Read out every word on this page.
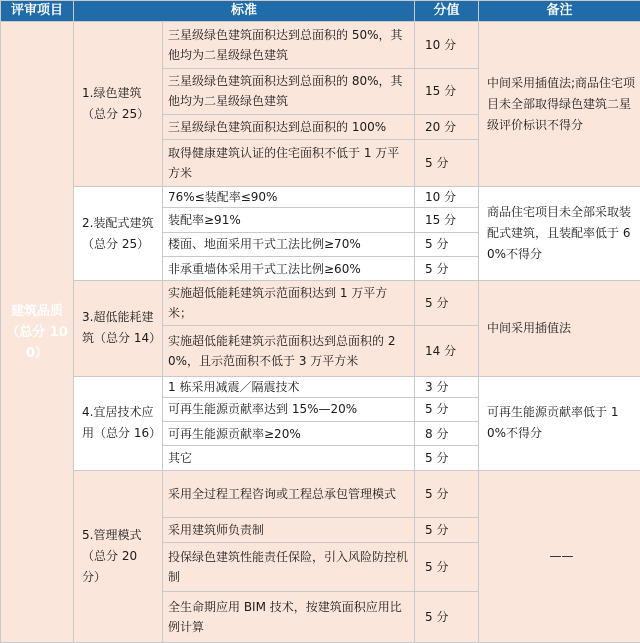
评审项目	标准		分值	备注
建筑品质（总分 100）	1.绿色建筑（总分 25）	三星级绿色建筑面积达到总面积的 50%，其他均为二星级绿色建筑	10 分	中间采用插值法;商品住宅项目未全部取得绿色建筑二星级评价标识不得分
		三星级绿色建筑面积达到总面积的 80%，其他均为二星级绿色建筑	15 分	
		三星级绿色建筑面积达到总面积的 100%	20 分	
		取得健康建筑认证的住宅面积不低于 1 万平方米	5 分	
	2.装配式建筑（总分 25）	76%≤装配率≤90%	10 分	商品住宅项目未全部采取装配式建筑，且装配率低于 60%不得分
		装配率≥91%	15 分	
		楼面、地面采用干式工法比例≥70%	5 分	
		非承重墙体采用干式工法比例≥60%	5 分	
	3.超低能耗建筑（总分 14）	实施超低能耗建筑示范面积达到 1 万平方米；	5 分	中间采用插值法
		实施超低能耗建筑示范面积达到总面积的 20%，且示范面积不低于 3 万平方米	14 分	
	4.宜居技术应用（总分 16）	1 栋采用减震／隔震技术	3 分	可再生能源贡献率低于 10%不得分
		可再生能源贡献率达到 15%—20%	5 分	
		可再生能源贡献率≥20%	8 分	
		其它	5 分	
	5.管理模式（总分 20 分）	采用全过程工程咨询或工程总承包管理模式	5 分	——
		采用建筑师负责制	5 分	
		投保绿色建筑性能责任保险，引入风险防控机制	5 分	
		全生命期应用 BIM 技术，按建筑面积应用比例计算	5 分	
